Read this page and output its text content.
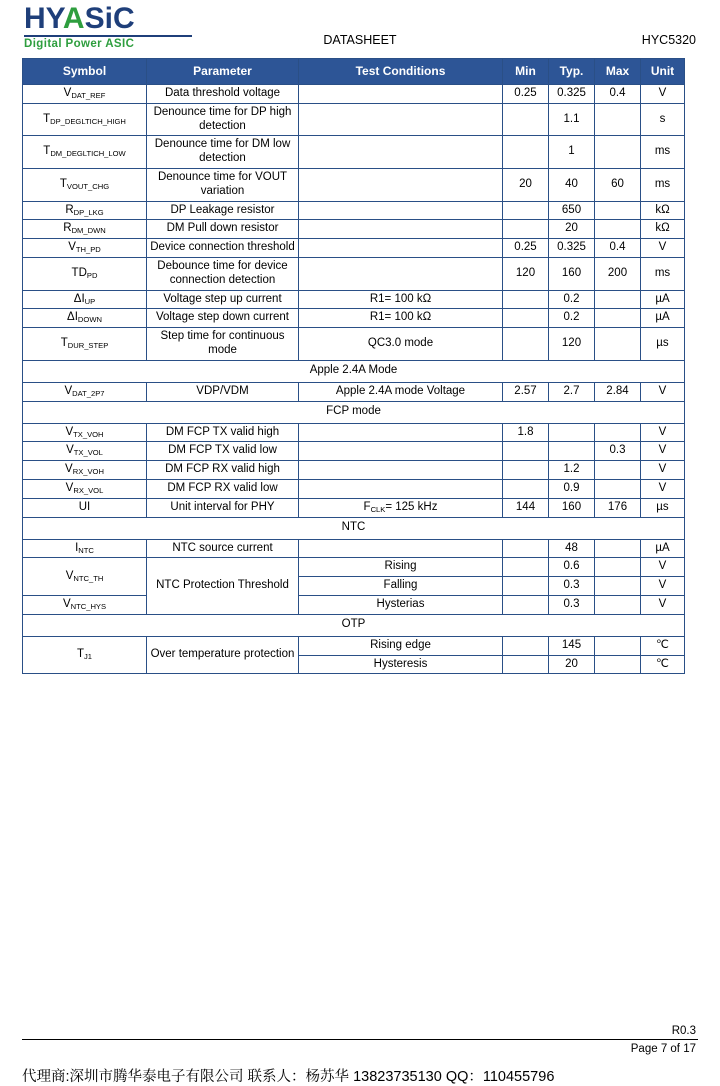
HYASiC
Digital Power ASIC	DATASHEET	HYC5320
Symbol	Parameter	Test Conditions	Min	Typ.	Max	Unit
$V_{DAT\_REF}$	Data threshold voltage		0.25	0.325	0.4	V
$T_{DP\_DEGLTICH\_HIGH}$	Denounce time for DP high detection			1.1		s
$T_{DM\_DEGLTICH\_LOW}$	Denounce time for DM low detection			1		ms
$T_{VOUT\_CHG}$	Denounce time for VOUT variation		20	40	60	ms
$R_{DP\_LKG}$	DP Leakage resistor			650		kΩ
$R_{DM\_DWN}$	DM Pull down resistor			20		kΩ
$V_{TH\_PD}$	Device connection threshold		0.25	0.325	0.4	V
$TD_{PD}$	Debounce time for device connection detection		120	160	200	ms
$\Delta I_{UP}$	Voltage step up current	R1= 100 kΩ		0.2		µA
$\Delta I_{DOWN}$	Voltage step down current	R1= 100 kΩ		0.2		µA
$T_{DUR\_STEP}$	Step time for continuous mode	QC3.0 mode		120		µs
Apple 2.4A Mode						
$V_{DAT\_2P7}$	VDP/VDM	Apple 2.4A mode Voltage	2.57	2.7	2.84	V
FCP mode						
$V_{TX\_VOH}$	DM FCP TX valid high		1.8			V
$V_{TX\_VOL}$	DM FCP TX valid low				0.3	V
$V_{RX\_VOH}$	DM FCP RX valid high			1.2		V
$V_{RX\_VOL}$	DM FCP RX valid low			0.9		V
UI	Unit interval for PHY	$F_{CLK}= 125$ kHz	144	160	176	µs
NTC						
$I_{NTC}$	NTC source current			48		µA
$V_{NTC\_TH}$	NTC Protection Threshold	Rising		0.6		V
		Falling		0.3		V
$V_{NTC\_HYS}$		Hysterias		0.3		V
OTP						
$T_{J1}$	Over temperature protection	Rising edge		145		℃
		Hysteresis		20		℃
R0.3
Page 7 of 17
代理商:深圳市腾华泰电子有限公司 联系人：杨苏华 13823735130 QQ：110455796
